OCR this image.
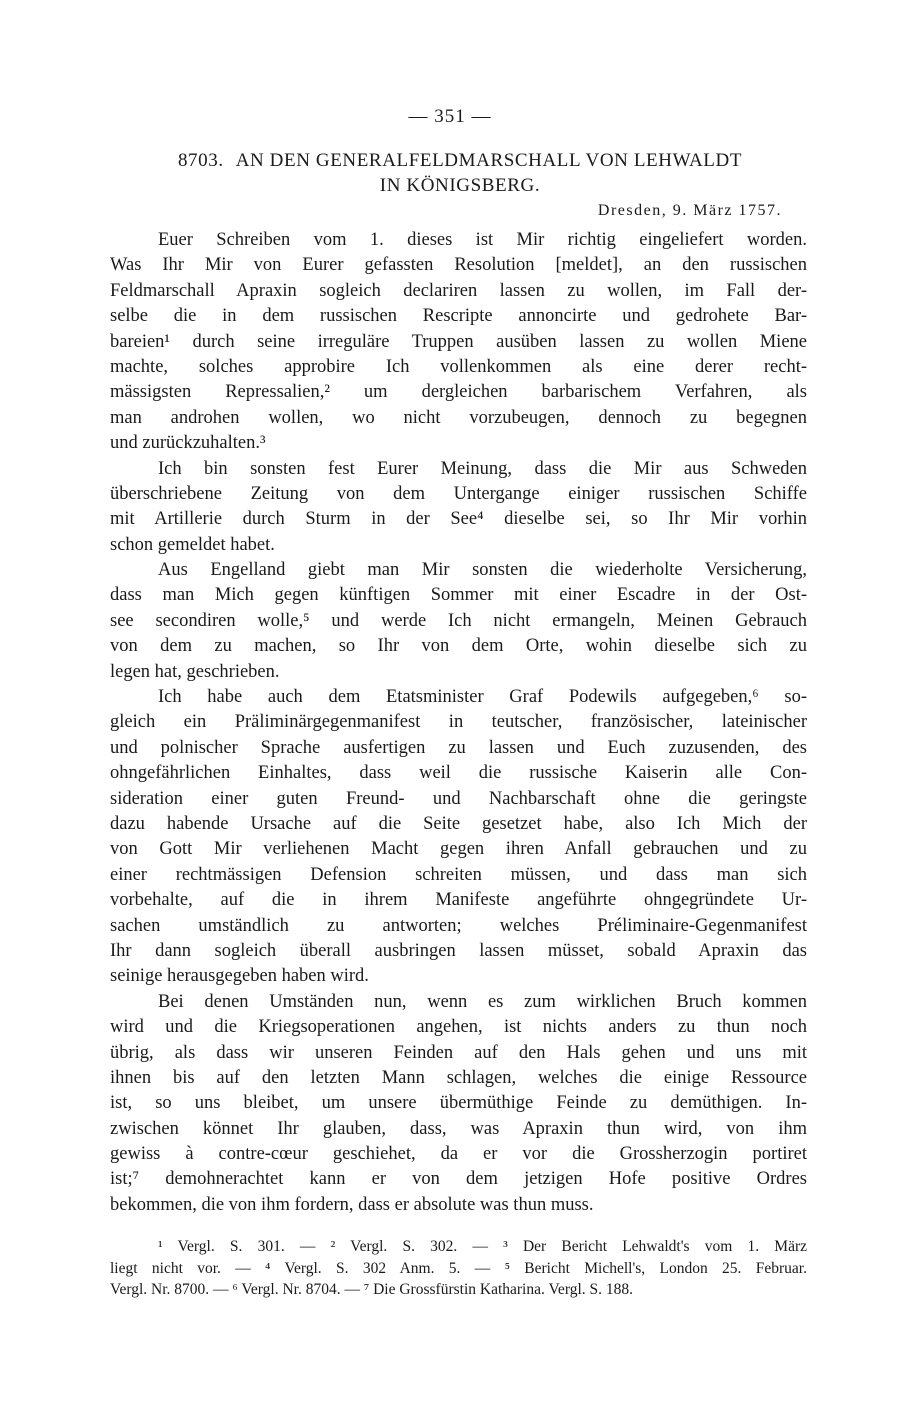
— 351 —
8703. AN DEN GENERALFELDMARSCHALL VON LEHWALDT
IN KÖNIGSBERG.
Dresden, 9. März 1757.
Euer Schreiben vom 1. dieses ist Mir richtig eingeliefert worden.
Was Ihr Mir von Eurer gefassten Resolution [meldet], an den russischen
Feldmarschall Apraxin sogleich declariren lassen zu wollen, im Fall der-
selbe die in dem russischen Rescripte annoncirte und gedrohete Bar-
bareien¹ durch seine irreguläre Truppen ausüben lassen zu wollen Miene
machte, solches approbire Ich vollenkommen als eine derer recht-
mässigsten Repressalien,² um dergleichen barbarischem Verfahren, als
man androhen wollen, wo nicht vorzubeugen, dennoch zu begegnen
und zurückzuhalten.³
Ich bin sonsten fest Eurer Meinung, dass die Mir aus Schweden
überschriebene Zeitung von dem Untergange einiger russischen Schiffe
mit Artillerie durch Sturm in der See⁴ dieselbe sei, so Ihr Mir vorhin
schon gemeldet habet.
Aus Engelland giebt man Mir sonsten die wiederholte Versicherung,
dass man Mich gegen künftigen Sommer mit einer Escadre in der Ost-
see secondiren wolle,⁵ und werde Ich nicht ermangeln, Meinen Gebrauch
von dem zu machen, so Ihr von dem Orte, wohin dieselbe sich zu
legen hat, geschrieben.
Ich habe auch dem Etatsminister Graf Podewils aufgegeben,⁶ so-
gleich ein Präliminärgegenmanifest in teutscher, französischer, lateinischer
und polnischer Sprache ausfertigen zu lassen und Euch zuzusenden, des
ohngefährlichen Einhaltes, dass weil die russische Kaiserin alle Con-
sideration einer guten Freund- und Nachbarschaft ohne die geringste
dazu habende Ursache auf die Seite gesetzet habe, also Ich Mich der
von Gott Mir verliehenen Macht gegen ihren Anfall gebrauchen und zu
einer rechtmässigen Defension schreiten müssen, und dass man sich
vorbehalte, auf die in ihrem Manifeste angeführte ohngegründete Ur-
sachen umständlich zu antworten; welches Préliminaire-Gegenmanifest
Ihr dann sogleich überall ausbringen lassen müsset, sobald Apraxin das
seinige herausgegeben haben wird.
Bei denen Umständen nun, wenn es zum wirklichen Bruch kommen
wird und die Kriegsoperationen angehen, ist nichts anders zu thun noch
übrig, als dass wir unseren Feinden auf den Hals gehen und uns mit
ihnen bis auf den letzten Mann schlagen, welches die einige Ressource
ist, so uns bleibet, um unsere übermüthige Feinde zu demüthigen. In-
zwischen könnet Ihr glauben, dass, was Apraxin thun wird, von ihm
gewiss à contre-cœur geschiehet, da er vor die Grossherzogin portiret
ist;⁷ demohnerachtet kann er von dem jetzigen Hofe positive Ordres
bekommen, die von ihm fordern, dass er absolute was thun muss.
¹ Vergl. S. 301. — ² Vergl. S. 302. — ³ Der Bericht Lehwaldt's vom 1. März
liegt nicht vor. — ⁴ Vergl. S. 302 Anm. 5. — ⁵ Bericht Michell's, London 25. Februar.
Vergl. Nr. 8700. — ⁶ Vergl. Nr. 8704. — ⁷ Die Grossfürstin Katharina. Vergl. S. 188.
